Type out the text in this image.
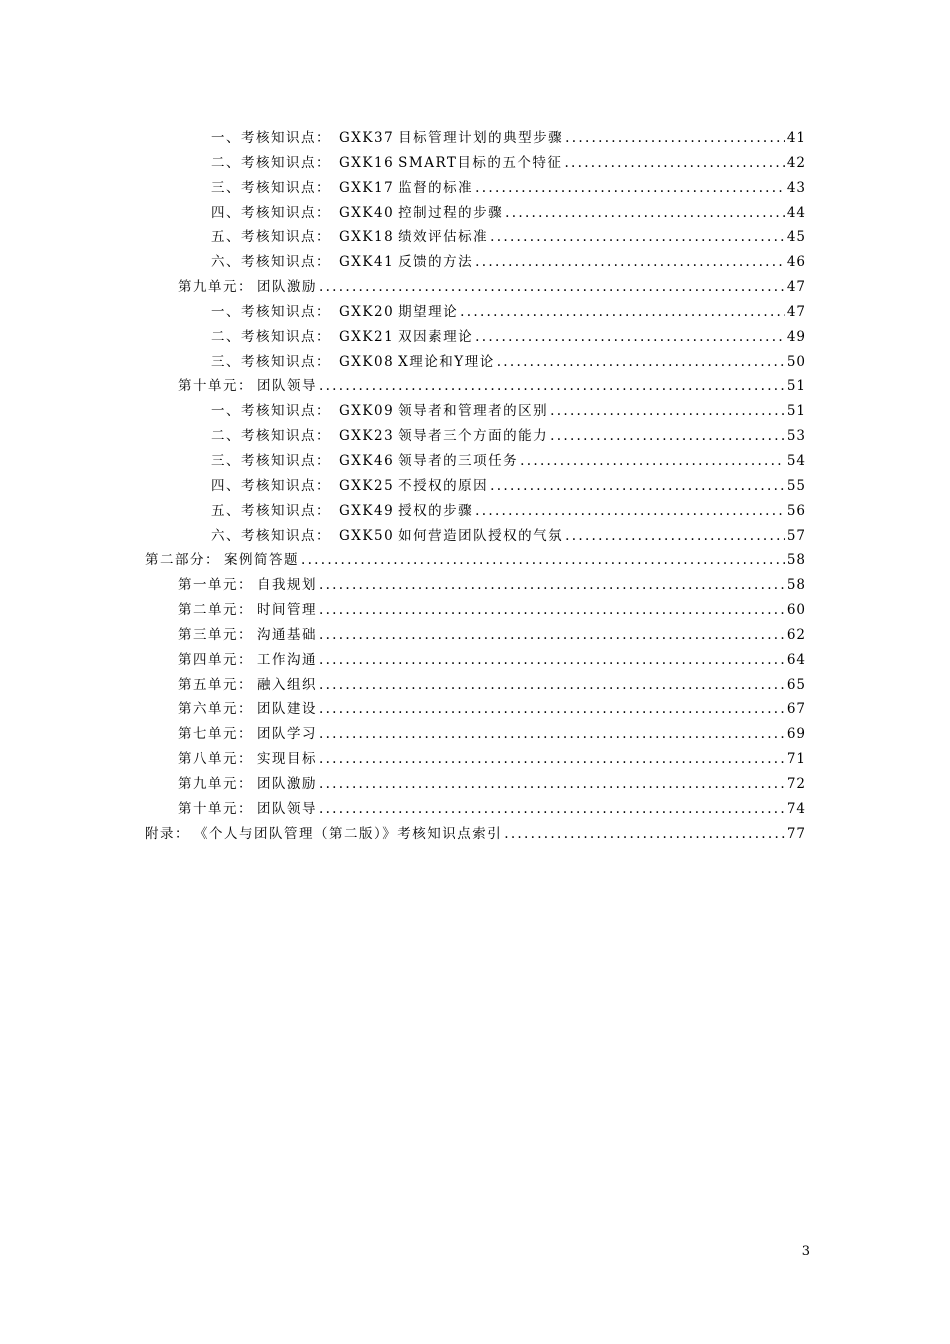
一、考核知识点： GXK37 目标管理计划的典型步骤 .....	41
二、考核知识点： GXK16 SMART目标的五个特征 .....	42
三、考核知识点： GXK17 监督的标准 .....	43
四、考核知识点： GXK40 控制过程的步骤 .....	44
五、考核知识点： GXK18 绩效评估标准 .....	45
六、考核知识点： GXK41 反馈的方法 .....	46
第九单元： 团队激励 .....	47
一、考核知识点： GXK20 期望理论 .....	47
二、考核知识点： GXK21 双因素理论 .....	49
三、考核知识点： GXK08 X理论和Y理论 .....	50
第十单元： 团队领导 .....	51
一、考核知识点： GXK09 领导者和管理者的区别 .....	51
二、考核知识点： GXK23 领导者三个方面的能力 .....	53
三、考核知识点： GXK46 领导者的三项任务 .....	54
四、考核知识点： GXK25 不授权的原因 .....	55
五、考核知识点： GXK49 授权的步骤 .....	56
六、考核知识点： GXK50 如何营造团队授权的气氛 .....	57
第二部分： 案例简答题 .....	58
第一单元： 自我规划 .....	58
第二单元： 时间管理 .....	60
第三单元： 沟通基础 .....	62
第四单元： 工作沟通 .....	64
第五单元： 融入组织 .....	65
第六单元： 团队建设 .....	67
第七单元： 团队学习 .....	69
第八单元： 实现目标 .....	71
第九单元： 团队激励 .....	72
第十单元： 团队领导 .....	74
附录： 《个人与团队管理（第二版）》考核知识点索引 .....	77
3
